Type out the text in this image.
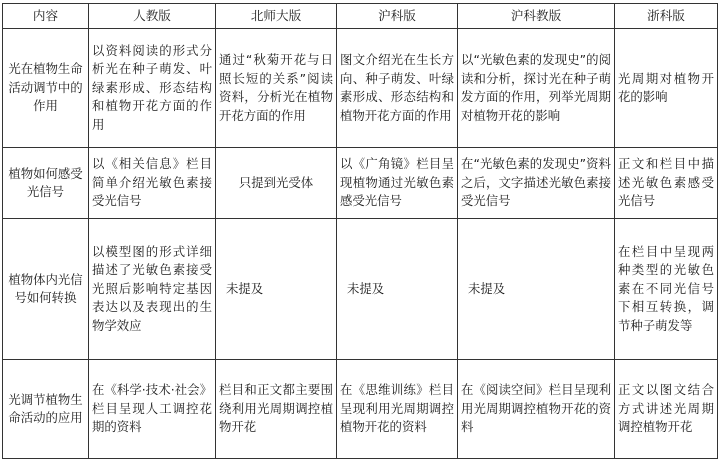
内容	人教版	北师大版	沪科版	沪科教版	浙科版
光在植物生命活动调节中的作用	以资料阅读的形式分析光在种子萌发、叶绿素形成、形态结构和植物开花方面的作用	通过“秋菊开花与日照长短的关系”阅读资料，分析光在植物开花方面的作用	图文介绍光在生长方向、种子萌发、叶绿素形成、形态结构和植物开花方面的作用	以“光敏色素的发现史”的阅读和分析，探讨光在种子萌发方面的作用，列举光周期对植物开花的影响	光周期对植物开花的影响
植物如何感受光信号	以《相关信息》栏目简单介绍光敏色素接受光信号	只提到光受体	以《广角镜》栏目呈现植物通过光敏色素感受光信号	在“光敏色素的发现史”资料之后，文字描述光敏色素接受光信号	正文和栏目中描述光敏色素感受光信号
植物体内光信号如何转换	以模型图的形式详细描述了光敏色素接受光照后影响特定基因表达以及表现出的生物学效应	未提及	未提及	未提及	在栏目中呈现两种类型的光敏色素在不同光信号下相互转换，调节种子萌发等
光调节植物生命活动的应用	在《科学·技术·社会》栏目呈现人工调控花期的资料	栏目和正文都主要围绕利用光周期调控植物开花	在《思维训练》栏目呈现利用光周期调控植物开花的资料	在《阅读空间》栏目呈现利用光周期调控植物开花的资料	正文以图文结合方式讲述光周期调控植物开花
